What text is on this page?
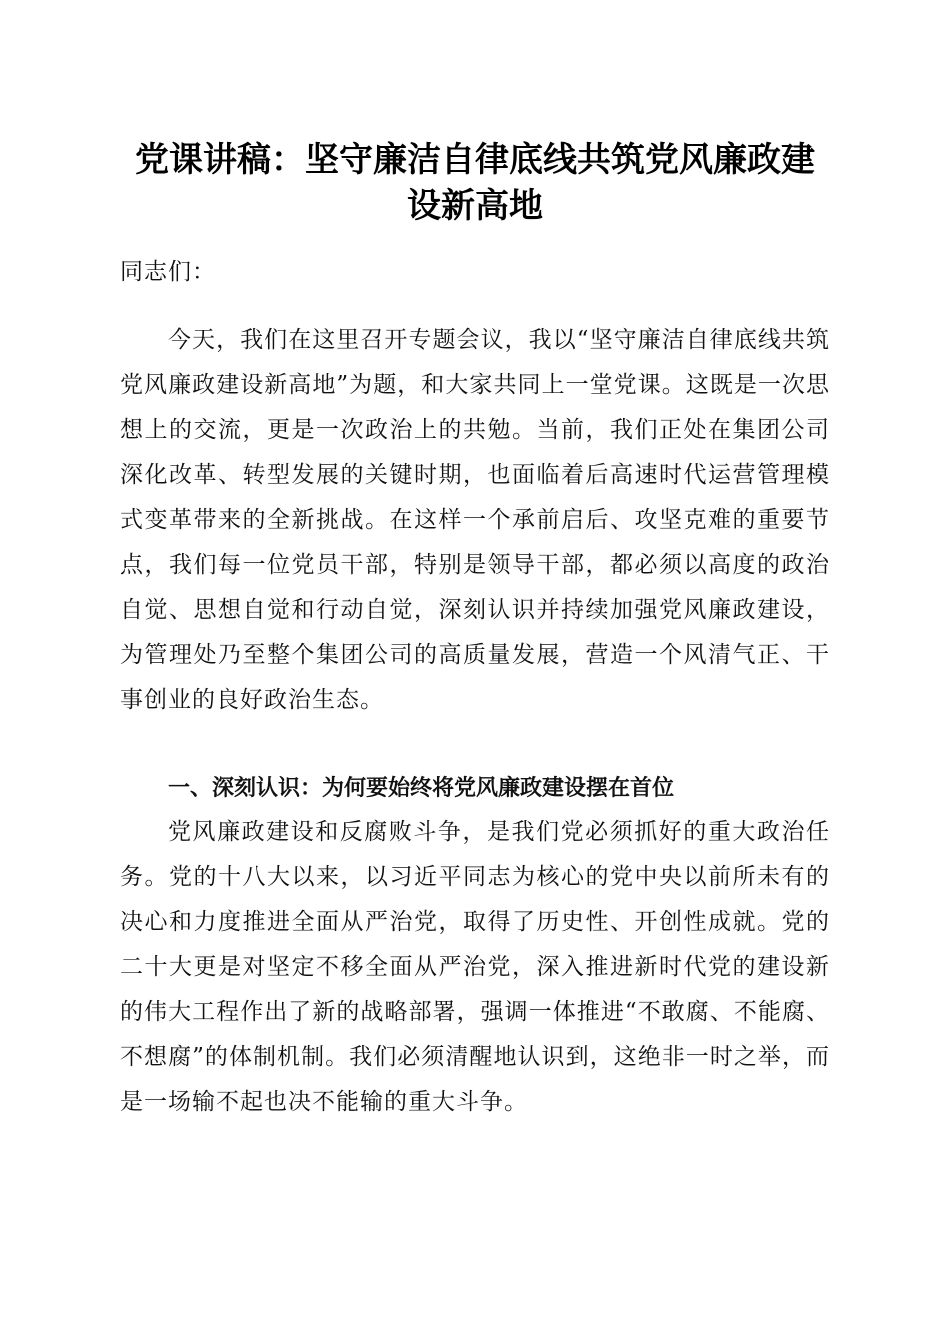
党课讲稿：坚守廉洁自律底线共筑党风廉政建
设新高地

同志们：

今天，我们在这里召开专题会议，我以“坚守廉洁自律底线共筑党风廉政建设新高地”为题，和大家共同上一堂党课。这既是一次思想上的交流，更是一次政治上的共勉。当前，我们正处在集团公司深化改革、转型发展的关键时期，也面临着后高速时代运营管理模式变革带来的全新挑战。在这样一个承前启后、攻坚克难的重要节点，我们每一位党员干部，特别是领导干部，都必须以高度的政治自觉、思想自觉和行动自觉，深刻认识并持续加强党风廉政建设，为管理处乃至整个集团公司的高质量发展，营造一个风清气正、干事创业的良好政治生态。

一、深刻认识：为何要始终将党风廉政建设摆在首位

党风廉政建设和反腐败斗争，是我们党必须抓好的重大政治任务。党的十八大以来，以习近平同志为核心的党中央以前所未有的决心和力度推进全面从严治党，取得了历史性、开创性成就。党的二十大更是对坚定不移全面从严治党，深入推进新时代党的建设新的伟大工程作出了新的战略部署，强调一体推进“不敢腐、不能腐、不想腐”的体制机制。我们必须清醒地认识到，这绝非一时之举，而是一场输不起也决不能输的重大斗争。
